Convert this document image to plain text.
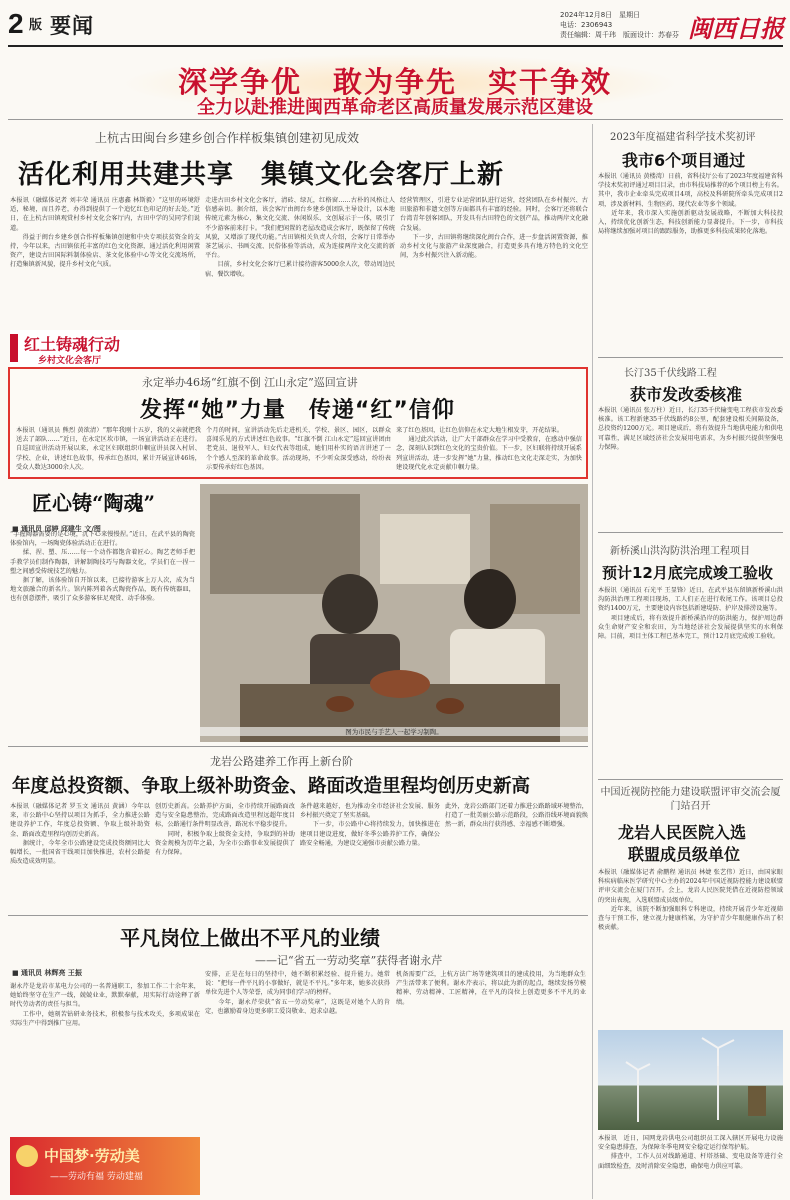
2 版 要闻	2024年12月8日　星期日
电话：2306943
责任编辑：周千玮　版面设计：苏春芬 闽西日报
深学争优　敢为争先　实干争效
全力以赴推进闽西革命老区高质量发展示范区建设
上杭古田闽台乡建乡创合作样板集镇创建初见成效
活化利用共建共享　集镇文化会客厅上新
本报讯（融媒体记者 刘丰荣 通讯员 庄惠鑫 林斯毅）“这里的环境舒适，秘境，而且养老，办得到提供了一个追忆红色印记的好去处。”近日，在上杭古田镇观赏村乡村文化会客厅内，古田中学的吴同学们说道。
　　得益于闽台乡建乡创合作样板集镇创建和中央专项扶贫资金的支持，今年以来，古田镇依托丰富的红色文化资源，通过活化利用闲置资产，建设古田国际料制体验店、茶文化体验中心等文化交流场所，打造集镇新风貌，提升乡村文化气质。
走进古田乡村文化会客厅，清砖、绿瓦，红格窗……古朴的风格让人倍感亲切。据介绍，该会客厅由闽台乡建乡创团队主导设计，以本地传统元素为核心，集文化交流、休闲娱乐、文创展示于一体，吸引了不少游客前来打卡。“我们把闲置的老屋改造成会客厅，既保留了传统风貌，又增添了现代功能。”古田镇相关负责人介绍，会客厅日常举办茶艺展示、书画交流、民俗体验等活动，成为连接两岸文化交流的新平台。
　　目前，乡村文化会客厅已累计接待游客5000余人次，带动周边民宿、餐饮增收。
经营管理区，引进专业运营团队进行运营，经营团队在乡村振兴、古田旅游和非遗文创等方面都具有丰富的经验。同时，会客厅还将联合台湾青年创客团队，开发具有古田特色的文创产品，推动两岸文化融合发展。
　　下一步，古田镇将继续深化闽台合作，进一步盘活闲置资源，推动乡村文化与旅游产业深度融合，打造更多具有地方特色的文化空间，为乡村振兴注入新动能。
红土铸魂行动
乡村文化会客厅
2023年度福建省科学技术奖初评
我市6个项目通过
本报讯（通讯员 黄楼湾）日前，省科技厅公布了2023年度福建省科学技术奖初评通过项目目录，由市科技局推荐的6个项目榜上有名。其中，我市企业牵头完成项目4项，高校及科研院所牵头完成项目2项，涉及新材料、生物医药、现代农业等多个领域。
　　近年来，我市深入实施创新驱动发展战略，不断加大科技投入，持续优化创新生态，科技创新能力显著提升。下一步，市科技局将继续加强对项目的跟踪服务，助推更多科技成果转化落地。
长汀35千伏线路工程
获市发改委核准
本报讯（通讯员 张万柱）近日，长汀35千伏输变电工程获市发改委核准。该工程新建35千伏线路约8公里，配套建设相关间隔设备，总投资约1200万元。项目建成后，将有效提升当地供电能力和供电可靠性，满足区域经济社会发展用电需求，为乡村振兴提供坚强电力保障。
新桥溪山洪沟防洪治理工程项目
预计12月底完成竣工验收
本报讯（通讯员 石光平 王显锋）近日，在武平县东留镇新桥溪山洪沟防洪治理工程项目现场，工人们正在进行收尾工作。该项目总投资约1400万元，主要建设内容包括新建堤防、护岸及排涝设施等。
　　项目建成后，将有效提升新桥溪沿岸的防洪能力，保护周边群众生命财产安全和农田，为当地经济社会发展提供坚实的水利保障。目前，项目主体工程已基本完工，预计12月底完成竣工验收。
中国近视防控能力建设联盟评审交流会厦门站召开
龙岩人民医院入选
联盟成员级单位
本报讯（融媒体记者 俞鹏程 通讯员 林婕 张艺伟）近日，由国家眼科疾病临床医学研究中心主办的2024年中国近视防控能力建设联盟评审交流会在厦门召开。会上，龙岩人民医院凭借在近视防控领域的突出表现，入选联盟成员级单位。
　　近年来，该院不断加强眼科专科建设，持续开展青少年近视筛查与干预工作，建立视力健康档案，为守护青少年眼健康作出了积极贡献。
本报讯　近日，国网龙岩供电公司组织员工深入辖区开展电力设施安全隐患排查，为保障冬季电网安全稳定运行保驾护航。
　　排查中，工作人员对线路通道、杆塔基础、变电设备等进行全面细致检查，及时消除安全隐患，确保电力供应可靠。
永定举办46场“红旗不倒 江山永定”巡回宣讲
发挥“她”力量　传递“红”信仰
本报讯（通讯员 熊烈 黄欲清）“那年我刚十五岁，我的父亲就把我送去了部队……”近日，在永定区坎市镇，一场宣讲活动正在进行。自巡回宣讲活动开展以来，永定区妇联组织巾帼宣讲员深入村居、学校、企业，讲述红色故事，传承红色基因，累计开展宣讲46场，受众人数达3000余人次。
个月的时间，宣讲活动先后走进机关、学校、景区、园区，以群众喜闻乐见的方式讲述红色故事。“红旗不倒 江山永定”巡回宣讲团由老党员、退役军人、妇女代表等组成，她们用朴实的语言讲述了一个个感人至深的革命故事。活动现场，不少听众深受感动，纷纷表示要传承好红色基因。
来了红色基因，让红色信仰在永定大地生根发芽，开花结果。
　　通过此次活动，让广大干部群众在学习中受教育，在感动中强信念，深刻认识到红色文化的宝贵价值。下一步，区妇联将持续开展系列宣讲活动，进一步发挥“她”力量，推动红色文化走深走实，为加快建设现代化永定贡献巾帼力量。
匠心铸“陶魂”
■ 通讯员 邱婷 邱建生 文/图
图为市民与手艺人一起学习制陶。
“手握陶器需要的是心境，沉下心来慢慢捏。”近日，在武平县的陶瓷体验馆内，一场陶瓷体验活动正在进行。
　　揉、捏、塑、压……每一个动作都饱含着匠心。陶艺老师手把手教学员们制作陶器，讲解制陶技巧与陶器文化，学员们在一捏一塑之间感受传统技艺的魅力。
　　据了解，该体验馆自开馆以来，已接待游客上万人次，成为当地文旅融合的新名片。馆内陈列着各式陶瓷作品，既有传统器皿，也有创意摆件，吸引了众多游客驻足观赏、动手体验。
龙岩公路建养工作再上新台阶
年度总投资额、争取上级补助资金、路面改造里程均创历史新高
本报讯（融媒体记者 罗玉文 通讯员 黄涵）今年以来，市公路中心坚持以项目为抓手，全力推进公路建设养护工作，年度总投资额、争取上级补助资金、路面改造里程均创历史新高。
　　据统计，今年全市公路建设完成投资额同比大幅增长，一批国省干线项目加快推进，农村公路提质改造成效明显。
创历史新高。公路养护方面，全市持续开展路面改造与安全隐患整治，完成路面改造里程远超年度目标，公路通行条件明显改善，路况水平稳步提升。
　　同时，积极争取上级资金支持，争取到的补助资金规模为历年之最，为全市公路事业发展提供了有力保障。
条件越来越好，也为推动全市经济社会发展、服务乡村振兴奠定了坚实基础。
　　下一步，市公路中心将持续发力，加快推进在建项目建设进度，做好冬季公路养护工作，确保公路安全畅通，为建设交通强市贡献公路力量。
此外，龙岩公路部门还着力推进公路路域环境整治，打造了一批美丽公路示范路段，公路沿线环境面貌焕然一新，群众出行获得感、幸福感不断增强。
平凡岗位上做出不平凡的业绩
——记“省五一劳动奖章”获得者谢永芹
■ 通讯员 林辉亮 王振
谢永芹是龙岩市某电力公司的一名普通职工，参加工作二十余年来，她始终坚守在生产一线，兢兢业业，默默奉献，用实际行动诠释了新时代劳动者的责任与担当。
　　工作中，她刻苦钻研业务技术，积极参与技术攻关，多项成果在实际生产中得到推广应用。
安排，正是在每日的坚持中，她不断积累经验、提升能力。她常说：“把每一件平凡的小事做好，就是不平凡。”多年来，她多次获得单位先进个人等荣誉，成为同事们学习的榜样。
　　今年，谢永芹荣获“省五一劳动奖章”，这既是对她个人的肯定，也激励着身边更多职工爱岗敬业、追求卓越。
机备需要广泛，上杭方法广场等建筑项目的建成投用，为当地群众生产生活带来了便利。谢永芹表示，将以此为新的起点，继续发扬劳模精神、劳动精神、工匠精神，在平凡的岗位上创造更多不平凡的业绩。
中国梦·劳动美
——劳动有福 劳动建福
